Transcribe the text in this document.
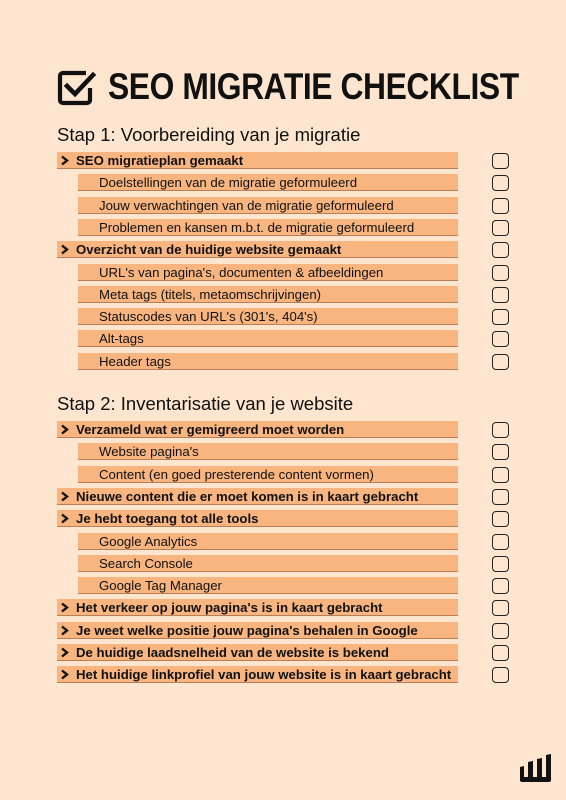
SEO MIGRATIE CHECKLIST
Stap 1: Voorbereiding van je migratie
SEO migratieplan gemaakt
Doelstellingen van de migratie geformuleerd
Jouw verwachtingen van de migratie geformuleerd
Problemen en kansen m.b.t. de migratie geformuleerd
Overzicht van de huidige website gemaakt
URL's van pagina's, documenten & afbeeldingen
Meta tags (titels, metaomschrijvingen)
Statuscodes van URL's (301's, 404's)
Alt-tags
Header tags
Stap 2: Inventarisatie van je website
Verzameld wat er gemigreerd moet worden
Website pagina's
Content (en goed presterende content vormen)
Nieuwe content die er moet komen is in kaart gebracht
Je hebt toegang tot alle tools
Google Analytics
Search Console
Google Tag Manager
Het verkeer op jouw pagina's is in kaart gebracht
Je weet welke positie jouw pagina's behalen in Google
De huidige laadsnelheid van de website is bekend
Het huidige linkprofiel van jouw website is in kaart gebracht
